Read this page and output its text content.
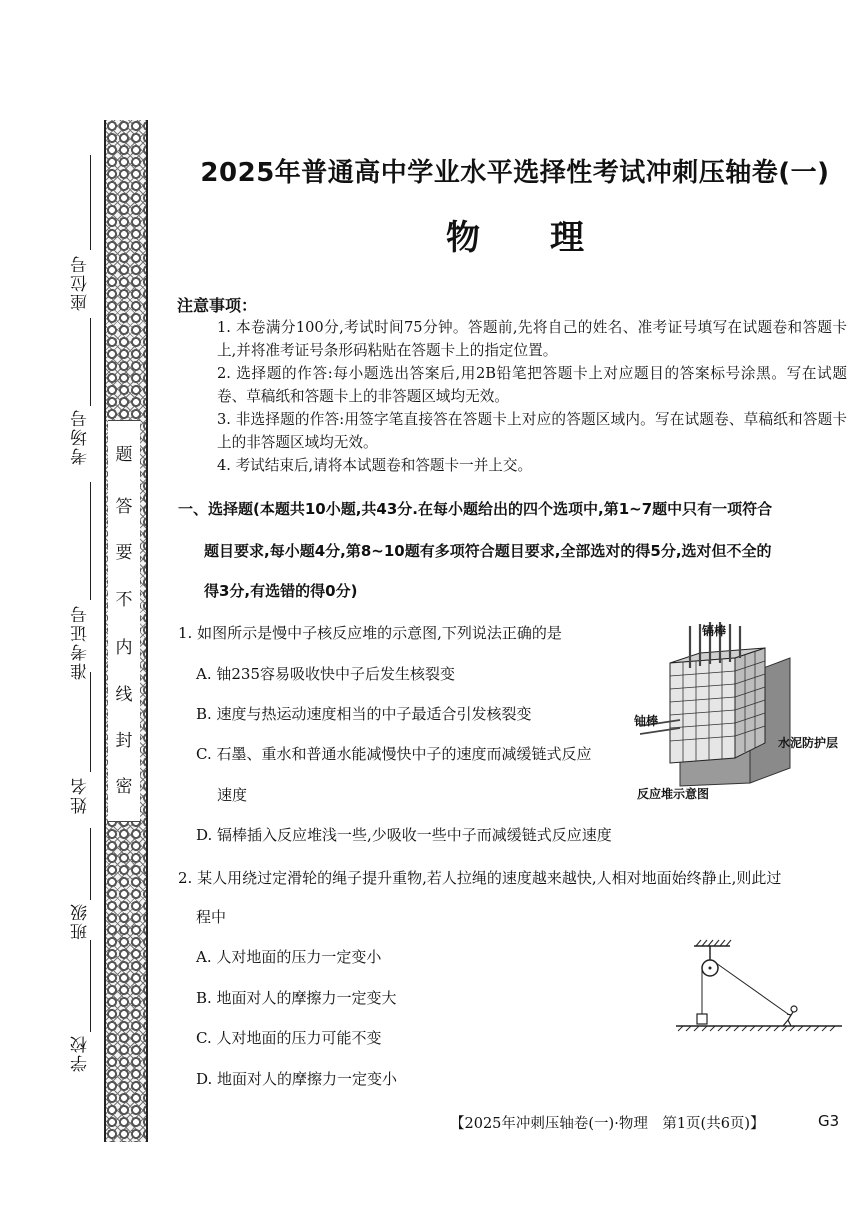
题
答
要
不
内
线
封
密
座位号
考场号
准考证号
姓名
班级
学校
2025年普通高中学业水平选择性考试冲刺压轴卷(一)
物 理
注意事项：
1. 本卷满分100分,考试时间75分钟。答题前,先将自己的姓名、准考证号填写在试题卷和答题卡上,并将准考证号条形码粘贴在答题卡上的指定位置。
2. 选择题的作答:每小题选出答案后,用2B铅笔把答题卡上对应题目的答案标号涂黑。写在试题卷、草稿纸和答题卡上的非答题区域均无效。
3. 非选择题的作答:用签字笔直接答在答题卡上对应的答题区域内。写在试题卷、草稿纸和答题卡上的非答题区域均无效。
4. 考试结束后,请将本试题卷和答题卡一并上交。
一、选择题(本题共10小题,共43分.在每小题给出的四个选项中,第1~7题中只有一项符合
题目要求,每小题4分,第8~10题有多项符合题目要求,全部选对的得5分,选对但不全的
得3分,有选错的得0分)
1. 如图所示是慢中子核反应堆的示意图,下列说法正确的是
A. 铀235容易吸收快中子后发生核裂变
B. 速度与热运动速度相当的中子最适合引发核裂变
C. 石墨、重水和普通水能减慢快中子的速度而减缓链式反应
速度
D. 镉棒插入反应堆浅一些,少吸收一些中子而减缓链式反应速度
镉棒
铀棒
水泥防护层
反应堆示意图
2. 某人用绕过定滑轮的绳子提升重物,若人拉绳的速度越来越快,人相对地面始终静止,则此过
程中
A. 人对地面的压力一定变小
B. 地面对人的摩擦力一定变大
C. 人对地面的压力可能不变
D. 地面对人的摩擦力一定变小
【2025年冲刺压轴卷(一)·物理　第1页(共6页)】	G3
